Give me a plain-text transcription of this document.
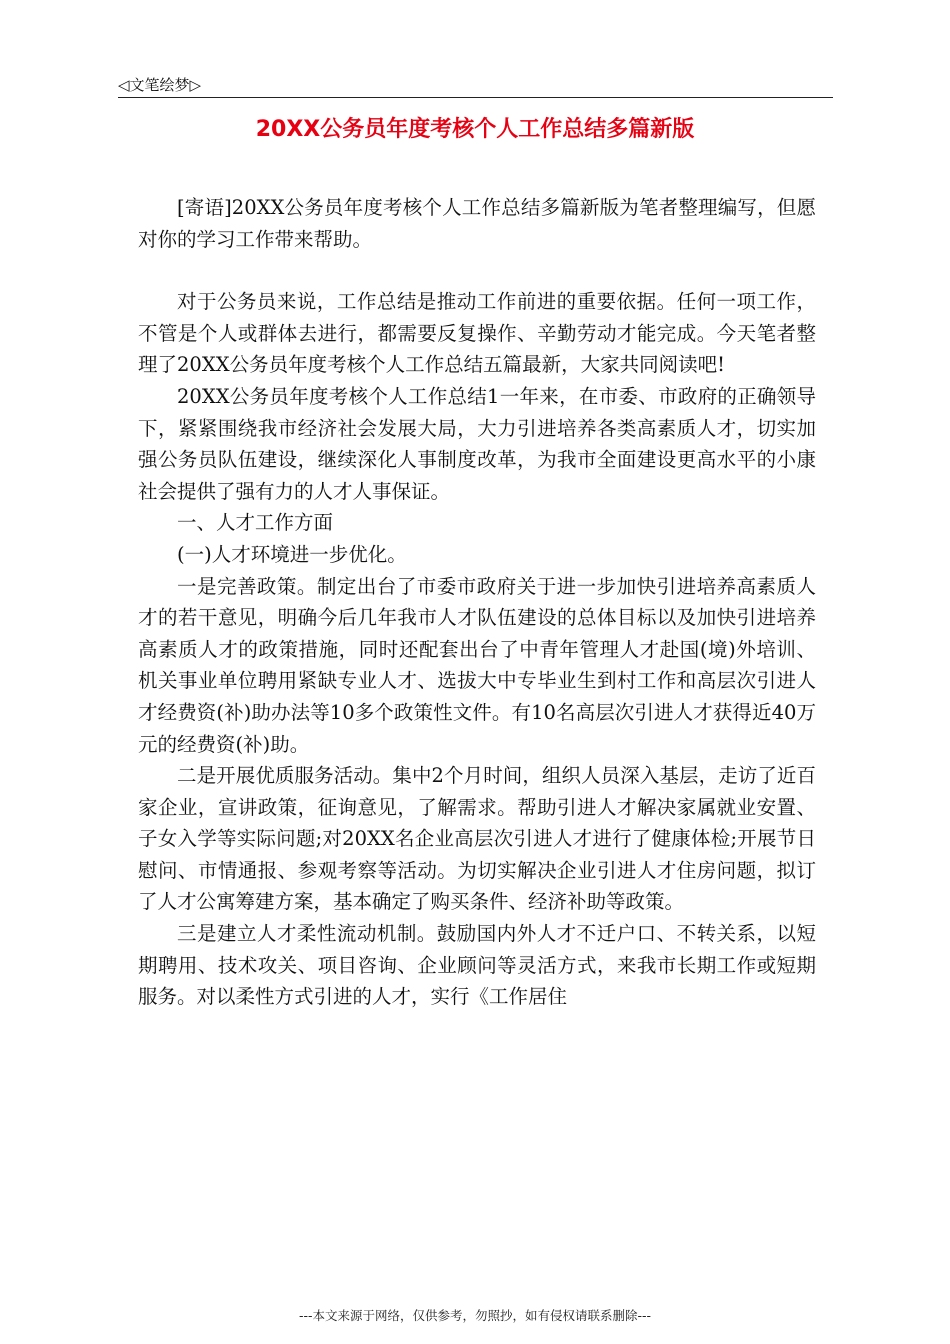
◁文笔绘梦▷
20XX公务员年度考核个人工作总结多篇新版

[寄语]20XX公务员年度考核个人工作总结多篇新版为笔者整理编写，但愿对你的学习工作带来帮助。

对于公务员来说，工作总结是推动工作前进的重要依据。任何一项工作，不管是个人或群体去进行，都需要反复操作、辛勤劳动才能完成。今天笔者整理了20XX公务员年度考核个人工作总结五篇最新，大家共同阅读吧!

20XX公务员年度考核个人工作总结1一年来，在市委、市政府的正确领导下，紧紧围绕我市经济社会发展大局，大力引进培养各类高素质人才，切实加强公务员队伍建设，继续深化人事制度改革，为我市全面建设更高水平的小康社会提供了强有力的人才人事保证。

一、人才工作方面

(一)人才环境进一步优化。

一是完善政策。制定出台了市委市政府关于进一步加快引进培养高素质人才的若干意见，明确今后几年我市人才队伍建设的总体目标以及加快引进培养高素质人才的政策措施，同时还配套出台了中青年管理人才赴国(境)外培训、机关事业单位聘用紧缺专业人才、选拔大中专毕业生到村工作和高层次引进人才经费资(补)助办法等10多个政策性文件。有10名高层次引进人才获得近40万元的经费资(补)助。

二是开展优质服务活动。集中2个月时间，组织人员深入基层，走访了近百家企业，宣讲政策，征询意见，了解需求。帮助引进人才解决家属就业安置、子女入学等实际问题;对20XX名企业高层次引进人才进行了健康体检;开展节日慰问、市情通报、参观考察等活动。为切实解决企业引进人才住房问题，拟订了人才公寓筹建方案，基本确定了购买条件、经济补助等政策。

三是建立人才柔性流动机制。鼓励国内外人才不迁户口、不转关系，以短期聘用、技术攻关、项目咨询、企业顾问等灵活方式，来我市长期工作或短期服务。对以柔性方式引进的人才，实行《工作居住

---本文来源于网络，仅供参考，勿照抄，如有侵权请联系删除---
